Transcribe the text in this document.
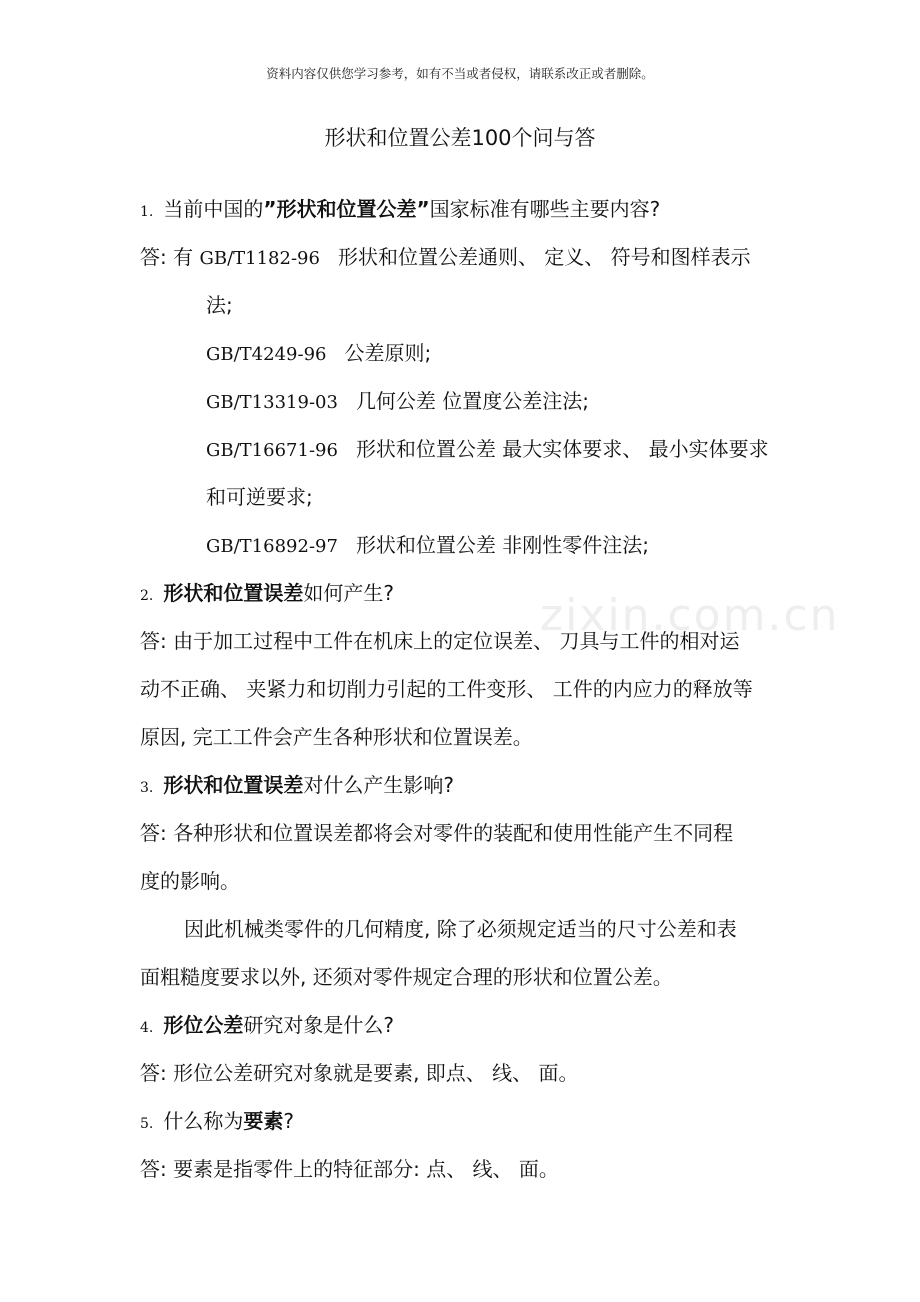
资料内容仅供您学习参考，如有不当或者侵权，请联系改正或者删除。
形状和位置公差100个问与答
zixin.com.cn
1. 当前中国的”形状和位置公差”国家标准有哪些主要内容?
答: 有 GB/T1182-96 形状和位置公差通则、 定义、 符号和图样表示
法;
GB/T4249-96 公差原则;
GB/T13319-03 几何公差 位置度公差注法;
GB/T16671-96 形状和位置公差 最大实体要求、 最小实体要求
和可逆要求;
GB/T16892-97 形状和位置公差 非刚性零件注法;
2. 形状和位置误差如何产生?
答: 由于加工过程中工件在机床上的定位误差、 刀具与工件的相对运
动不正确、 夹紧力和切削力引起的工件变形、 工件的内应力的释放等
原因, 完工工件会产生各种形状和位置误差。
3. 形状和位置误差对什么产生影响?
答: 各种形状和位置误差都将会对零件的装配和使用性能产生不同程
度的影响。
因此机械类零件的几何精度, 除了必须规定适当的尺寸公差和表
面粗糙度要求以外, 还须对零件规定合理的形状和位置公差。
4. 形位公差研究对象是什么?
答: 形位公差研究对象就是要素, 即点、 线、 面。
5. 什么称为要素?
答: 要素是指零件上的特征部分: 点、 线、 面。
